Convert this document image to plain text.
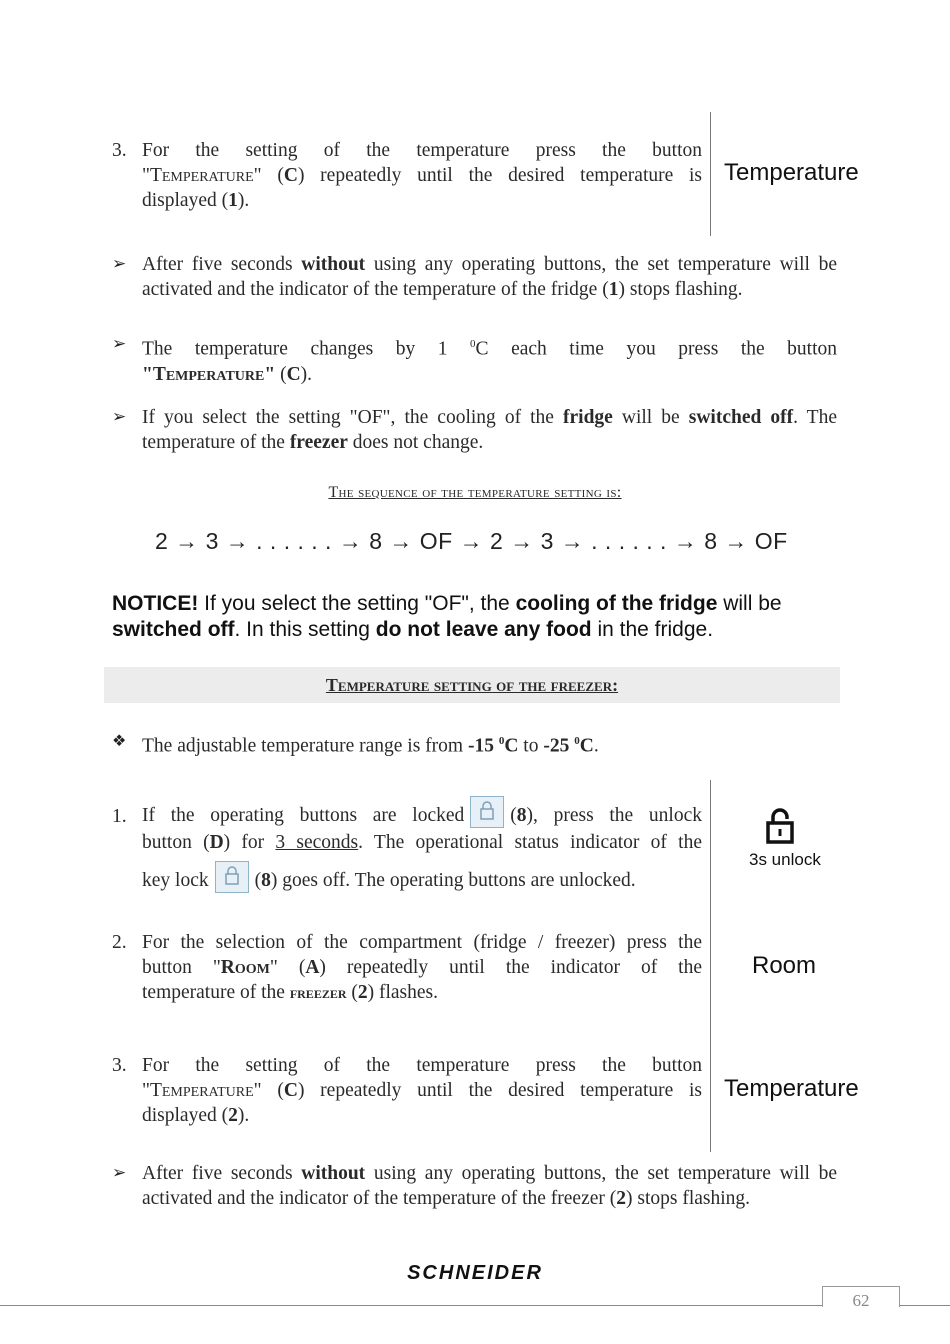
3. For the setting of the temperature press the button
"Temperature" (C) repeatedly until the desired temperature is
displayed (1).
Temperature
➢ After five seconds without using any operating buttons, the set temperature will be activated and the indicator of the temperature of the fridge (1) stops flashing.
➢ The temperature changes by 1 $^0$C each time you press the button
"Temperature" (C).
➢ If you select the setting "OF", the cooling of the fridge will be switched off. The temperature of the freezer does not change.
The sequence of the temperature setting is:
2 → 3 → . . . . . . → 8 → OF → 2 → 3 → . . . . . . → 8 → OF
NOTICE! If you select the setting "OF", the cooling of the fridge will be switched off. In this setting do not leave any food in the fridge.
Temperature setting of the freezer:
❖ The adjustable temperature range is from -15 $^0$C to -25 $^0$C.
1. If the operating buttons are locked (8), press the unlock
button (D) for 3 seconds. The operational status indicator of the
key lock (8) goes off. The operating buttons are unlocked.
3s unlock
2. For the selection of the compartment (fridge / freezer) press the
button "Room" (A) repeatedly until the indicator of the
temperature of the freezer (2) flashes.
Room
3. For the setting of the temperature press the button
"Temperature" (C) repeatedly until the desired temperature is
displayed (2).
Temperature
➢ After five seconds without using any operating buttons, the set temperature will be activated and the indicator of the temperature of the freezer (2) stops flashing.
SCHNEIDER
62
